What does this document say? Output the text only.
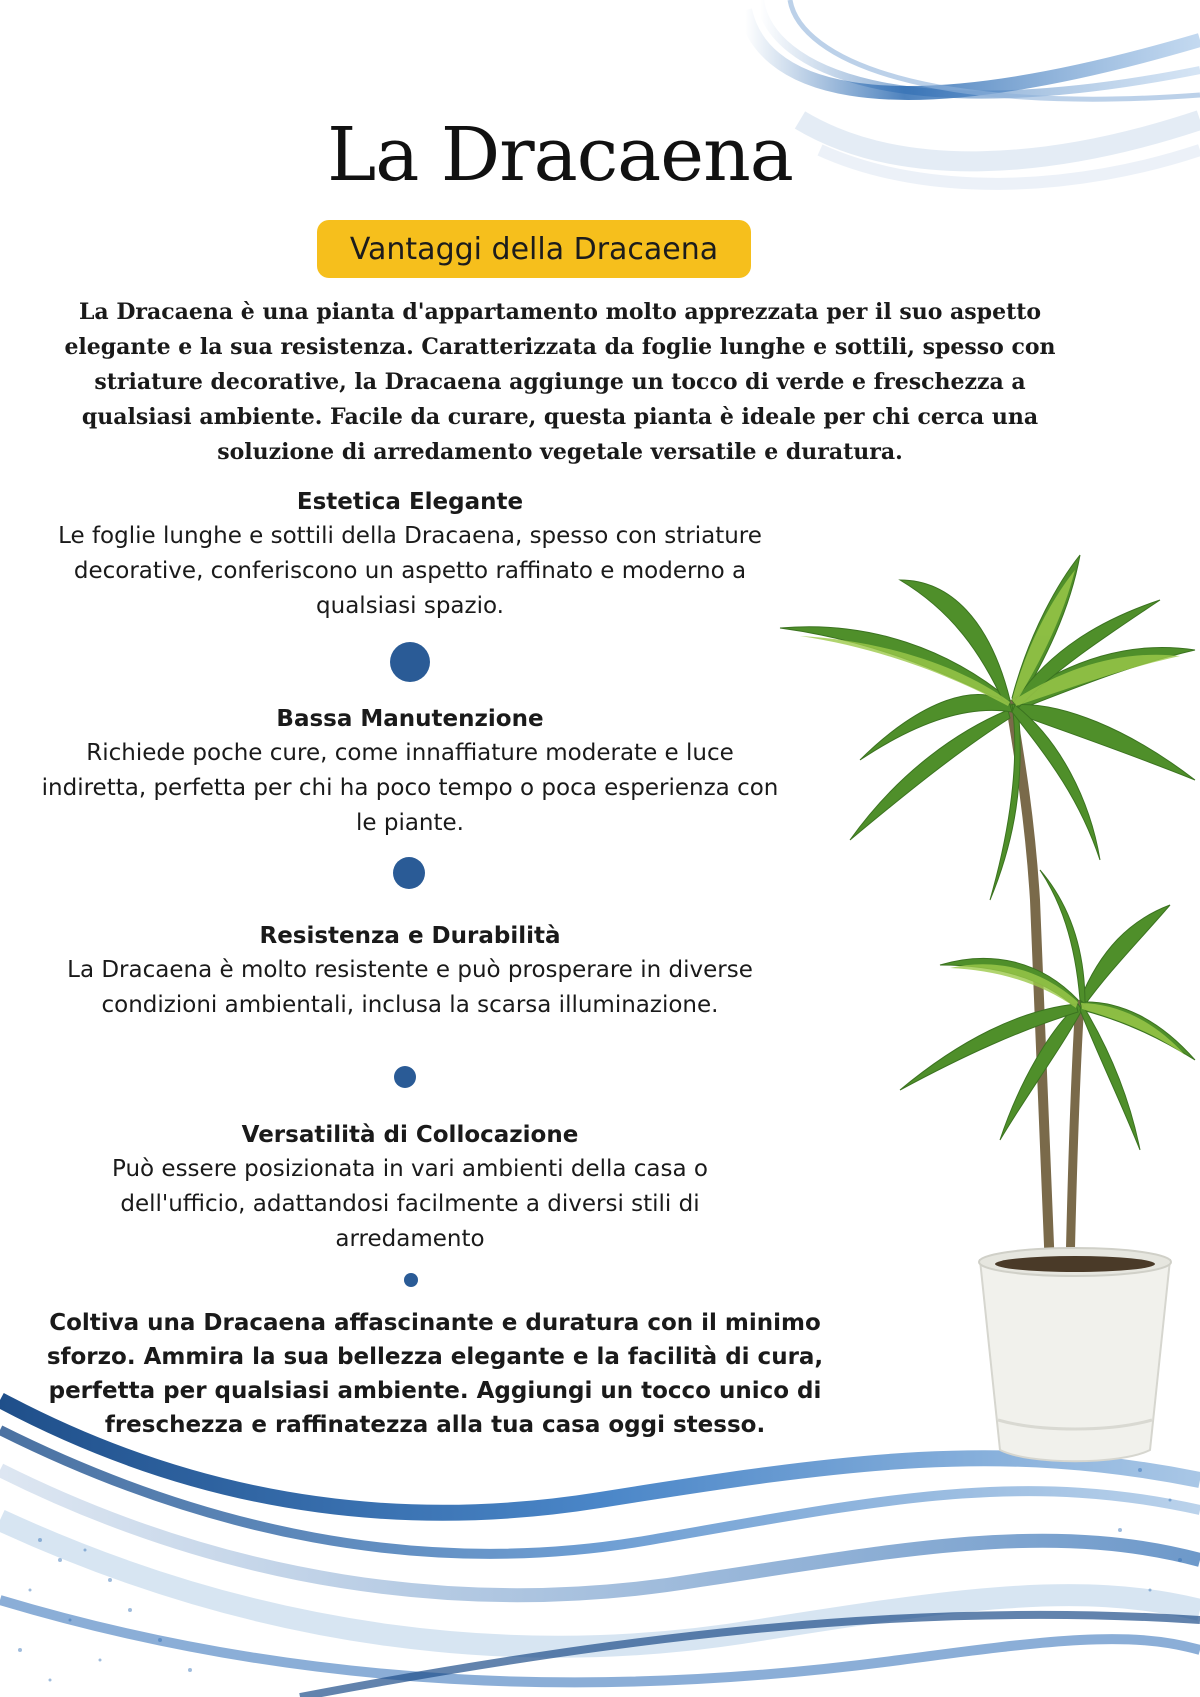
La Dracaena
Vantaggi della Dracaena
La Dracaena è una pianta d'appartamento molto apprezzata per il suo aspetto elegante e la sua resistenza. Caratterizzata da foglie lunghe e sottili, spesso con striature decorative, la Dracaena aggiunge un tocco di verde e freschezza a qualsiasi ambiente. Facile da curare, questa pianta è ideale per chi cerca una soluzione di arredamento vegetale versatile e duratura.
Estetica Elegante
Le foglie lunghe e sottili della Dracaena, spesso con striature decorative, conferiscono un aspetto raffinato e moderno a qualsiasi spazio.
Bassa Manutenzione
Richiede poche cure, come innaffiature moderate e luce indiretta, perfetta per chi ha poco tempo o poca esperienza con le piante.
Resistenza e Durabilità
La Dracaena è molto resistente e può prosperare in diverse condizioni ambientali, inclusa la scarsa illuminazione.
Versatilità di Collocazione
Può essere posizionata in vari ambienti della casa o dell'ufficio, adattandosi facilmente a diversi stili di arredamento
Coltiva una Dracaena affascinante e duratura con il minimo sforzo. Ammira la sua bellezza elegante e la facilità di cura, perfetta per qualsiasi ambiente. Aggiungi un tocco unico di freschezza e raffinatezza alla tua casa oggi stesso.
